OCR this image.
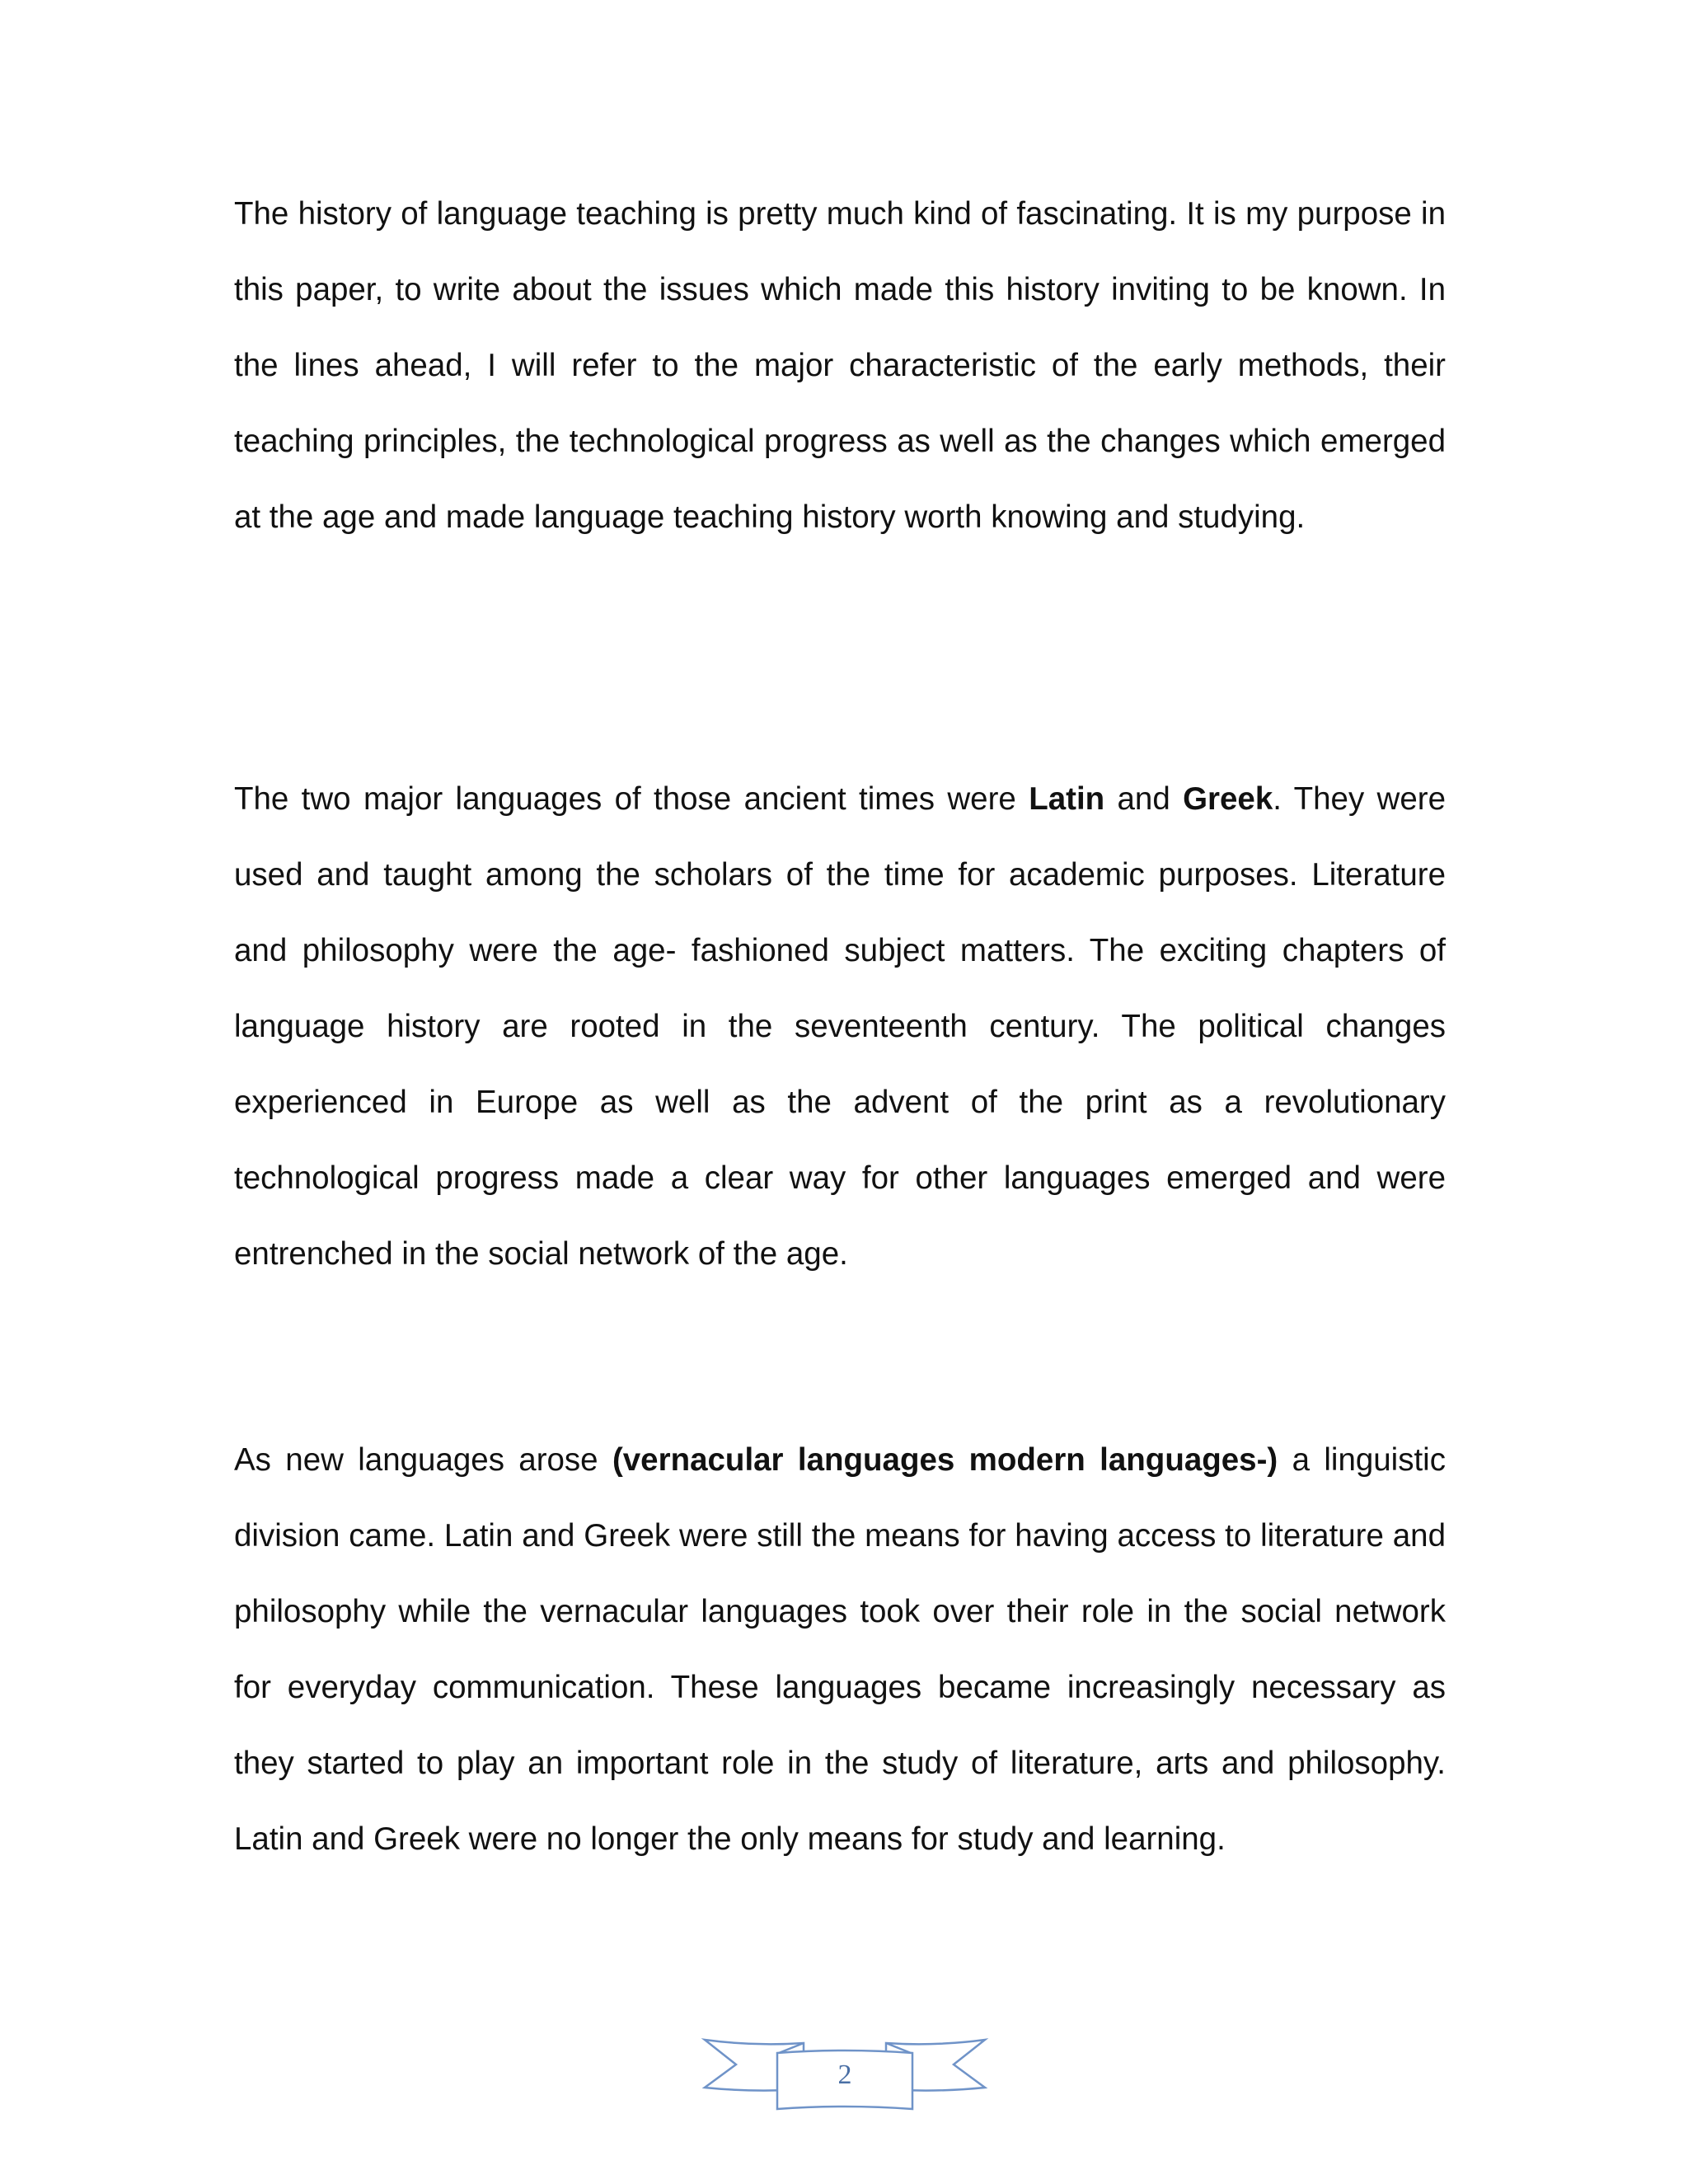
The history of language teaching is pretty much kind of fascinating. It is my purpose in this paper, to write about the issues which made this history inviting to be known. In the lines ahead, I will refer to the major characteristic of the early methods, their teaching principles, the technological progress as well as the changes which emerged at the age and made language teaching history worth knowing and studying.

The two major languages of those ancient times were Latin and Greek. They were used and taught among the scholars of the time for academic purposes. Literature and philosophy were the age- fashioned subject matters. The exciting chapters of language history are rooted in the seventeenth century. The political changes experienced in Europe as well as the advent of the print as a revolutionary technological progress made a clear way for other languages emerged and were entrenched in the social network of the age.

As new languages arose (vernacular languages modern languages-) a linguistic division came. Latin and Greek were still the means for having access to literature and philosophy while the vernacular languages took over their role in the social network for everyday communication. These languages became increasingly necessary as they started to play an important role in the study of literature, arts and philosophy. Latin and Greek were no longer the only means for study and learning.

2
